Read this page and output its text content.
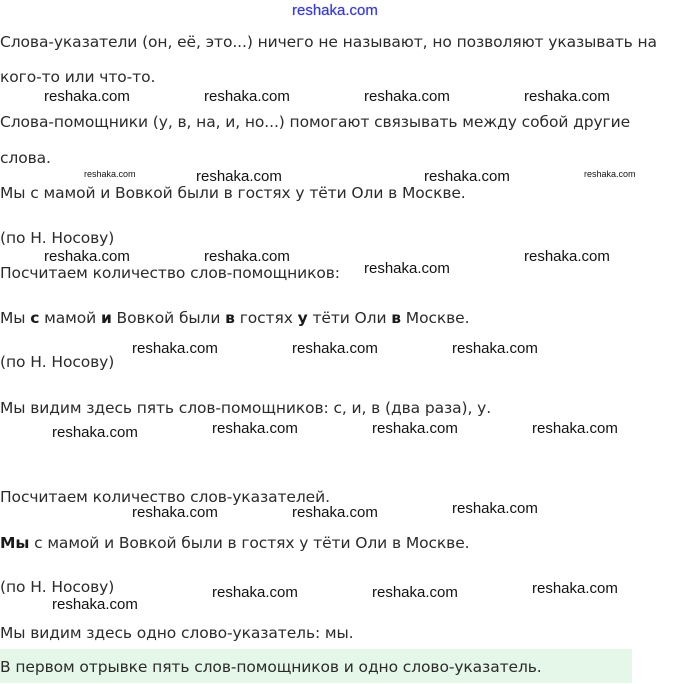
Слова-указатели (он, её, это...) ничего не называют, но позволяют указывать на

кого-то или что-то.

Слова-помощники (у, в, на, и, но...) помогают связывать между собой другие

слова.

Мы с мамой и Вовкой были в гостях у тёти Оли в Москве.

(по Н. Носову)

Посчитаем количество слов-помощников:

Мы с мамой и Вовкой были в гостях у тёти Оли в Москве.

(по Н. Носову)

Мы видим здесь пять слов-помощников: с, и, в (два раза), у.

Посчитаем количество слов-указателей.

Мы с мамой и Вовкой были в гостях у тёти Оли в Москве.

(по Н. Носову)

Мы видим здесь одно слово-указатель: мы.

В первом отрывке пять слов-помощников и одно слово-указатель.

reshaka.com
reshaka.com	reshaka.com	reshaka.com	reshaka.com
reshaka.com	reshaka.com	reshaka.com	reshaka.com
reshaka.com	reshaka.com
reshaka.com
reshaka.com
reshaka.com	reshaka.com	reshaka.com
reshaka.com	reshaka.com	reshaka.com	reshaka.com
reshaka.com	reshaka.com	reshaka.com
reshaka.com
reshaka.com	reshaka.com	reshaka.com
